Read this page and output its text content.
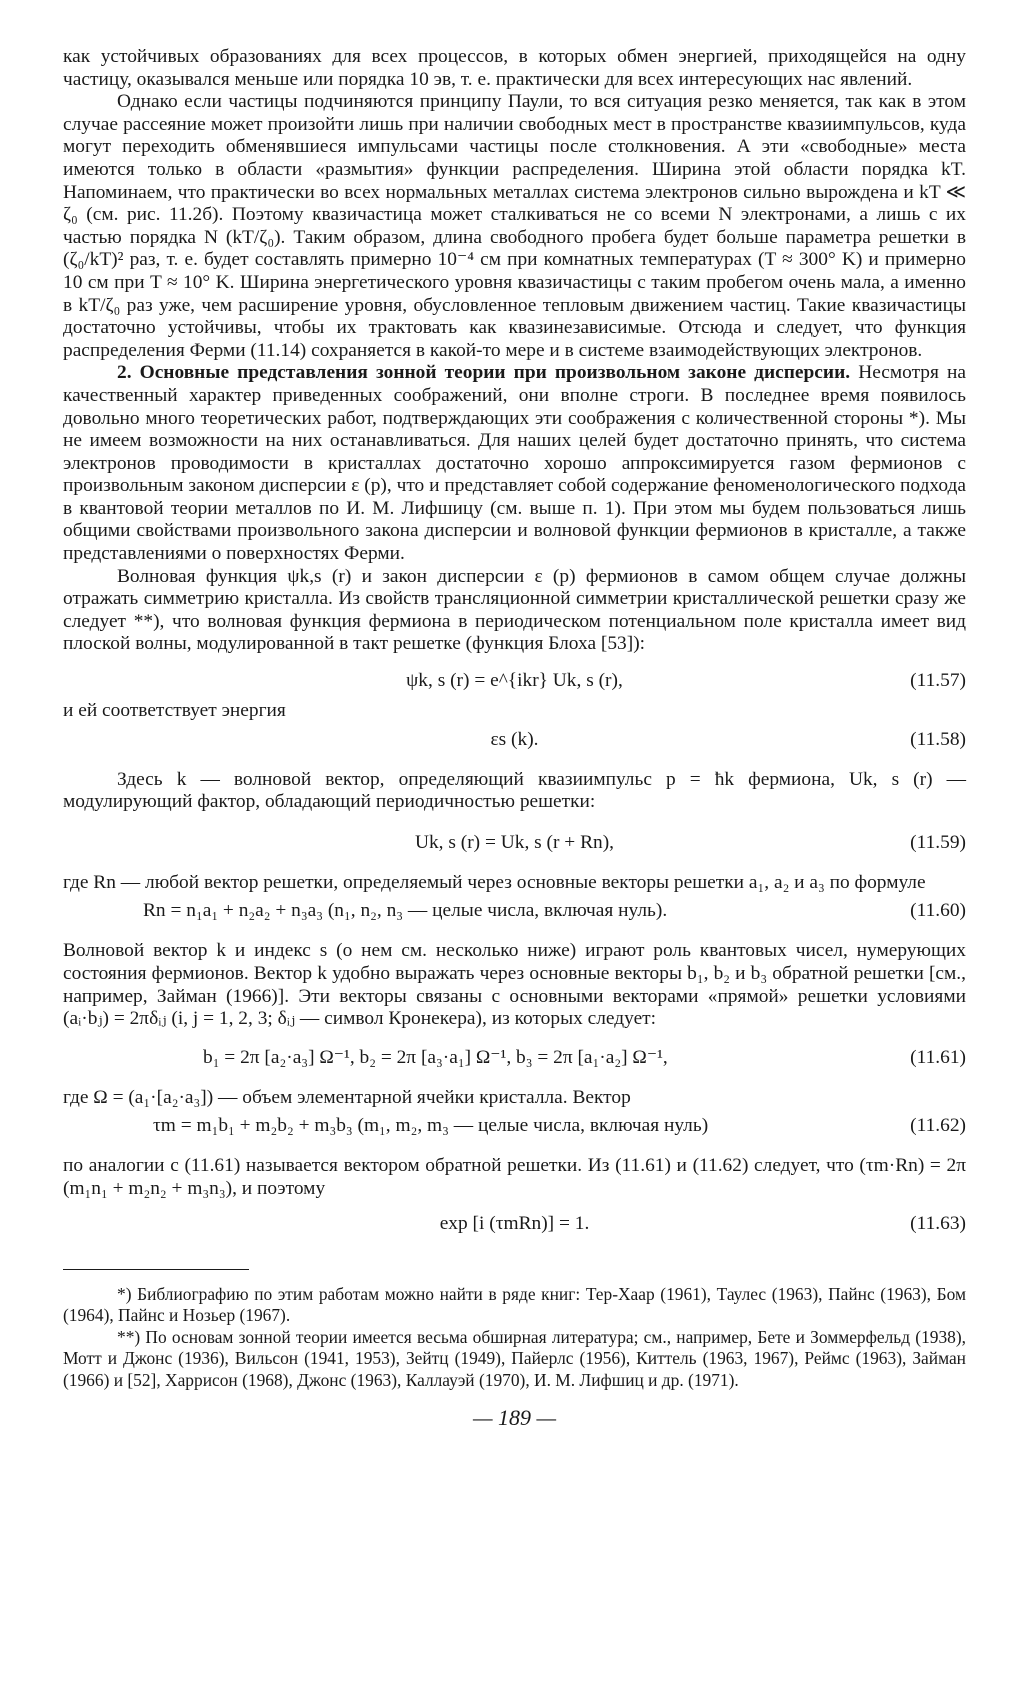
как устойчивых образованиях для всех процессов, в которых обмен энергией, приходящейся на одну частицу, оказывался меньше или порядка 10 эв, т. е. практически для всех интересующих нас явлений.

Однако если частицы подчиняются принципу Паули, то вся ситуация резко меняется, так как в этом случае рассеяние может произойти лишь при наличии свободных мест в пространстве квазиимпульсов, куда могут переходить обменявшиеся импульсами частицы после столкновения. А эти «свободные» места имеются только в области «размытия» функции распределения. Ширина этой области порядка kT. Напоминаем, что практически во всех нормальных металлах система электронов сильно вырождена и kT ≪ ζ₀ (см. рис. 11.2б). Поэтому квазичастица может сталкиваться не со всеми N электронами, а лишь с их частью порядка N (kT/ζ₀). Таким образом, длина свободного пробега будет больше параметра решетки в (ζ₀/kT)² раз, т. е. будет составлять примерно 10⁻⁴ см при комнатных температурах (T ≈ 300° K) и примерно 10 см при T ≈ 10° K. Ширина энергетического уровня квазичастицы с таким пробегом очень мала, а именно в kT/ζ₀ раз уже, чем расширение уровня, обусловленное тепловым движением частиц. Такие квазичастицы достаточно устойчивы, чтобы их трактовать как квазинезависимые. Отсюда и следует, что функция распределения Ферми (11.14) сохраняется в какой-то мере и в системе взаимодействующих электронов.

2. Основные представления зонной теории при произвольном законе дисперсии. Несмотря на качественный характер приведенных соображений, они вполне строги. В последнее время появилось довольно много теоретических работ, подтверждающих эти соображения с количественной стороны *). Мы не имеем возможности на них останавливаться. Для наших целей будет достаточно принять, что система электронов проводимости в кристаллах достаточно хорошо аппроксимируется газом фермионов с произвольным законом дисперсии ε (p), что и представляет собой содержание феноменологического подхода в квантовой теории металлов по И. М. Лифшицу (см. выше п. 1). При этом мы будем пользоваться лишь общими свойствами произвольного закона дисперсии и волновой функции фермионов в кристалле, а также представлениями о поверхностях Ферми.

Волновая функция ψk,s (r) и закон дисперсии ε (p) фермионов в самом общем случае должны отражать симметрию кристалла. Из свойств трансляционной симметрии кристаллической решетки сразу же следует **), что волновая функция фермиона в периодическом потенциальном поле кристалла имеет вид плоской волны, модулированной в такт решетке (функция Блоха [53]):

ψk, s (r) = e^{ikr} Uk, s (r),	(11.57)

и ей соответствует энергия

εs (k).	(11.58)

Здесь k — волновой вектор, определяющий квазиимпульс p = ħk фермиона, Uk, s (r) — модулирующий фактор, обладающий периодичностью решетки:

Uk, s (r) = Uk, s (r + Rn),	(11.59)

где Rn — любой вектор решетки, определяемый через основные векторы решетки a₁, a₂ и a₃ по формуле

Rn = n₁a₁ + n₂a₂ + n₃a₃ (n₁, n₂, n₃ — целые числа, включая нуль).	(11.60)

Волновой вектор k и индекс s (о нем см. несколько ниже) играют роль квантовых чисел, нумерующих состояния фермионов. Вектор k удобно выражать через основные векторы b₁, b₂ и b₃ обратной решетки [см., например, Займан (1966)]. Эти векторы связаны с основными векторами «прямой» решетки условиями (aᵢ·bⱼ) = 2πδᵢⱼ (i, j = 1, 2, 3; δᵢⱼ — символ Кронекера), из которых следует:

b₁ = 2π [a₂·a₃] Ω⁻¹, b₂ = 2π [a₃·a₁] Ω⁻¹, b₃ = 2π [a₁·a₂] Ω⁻¹,	(11.61)

где Ω = (a₁·[a₂·a₃]) — объем элементарной ячейки кристалла. Вектор

τm = m₁b₁ + m₂b₂ + m₃b₃ (m₁, m₂, m₃ — целые числа, включая нуль)	(11.62)

по аналогии с (11.61) называется вектором обратной решетки. Из (11.61) и (11.62) следует, что (τm·Rn) = 2π (m₁n₁ + m₂n₂ + m₃n₃), и поэтому

exp [i (τmRn)] = 1.	(11.63)

*) Библиографию по этим работам можно найти в ряде книг: Тер-Хаар (1961), Таулес (1963), Пайнс (1963), Бом (1964), Пайнс и Нозьер (1967).

**) По основам зонной теории имеется весьма обширная литература; см., например, Бете и Зоммерфельд (1938), Мотт и Джонс (1936), Вильсон (1941, 1953), Зейтц (1949), Пайерлс (1956), Киттель (1963, 1967), Реймс (1963), Займан (1966) и [52], Харрисон (1968), Джонс (1963), Каллауэй (1970), И. М. Лифшиц и др. (1971).

— 189 —
